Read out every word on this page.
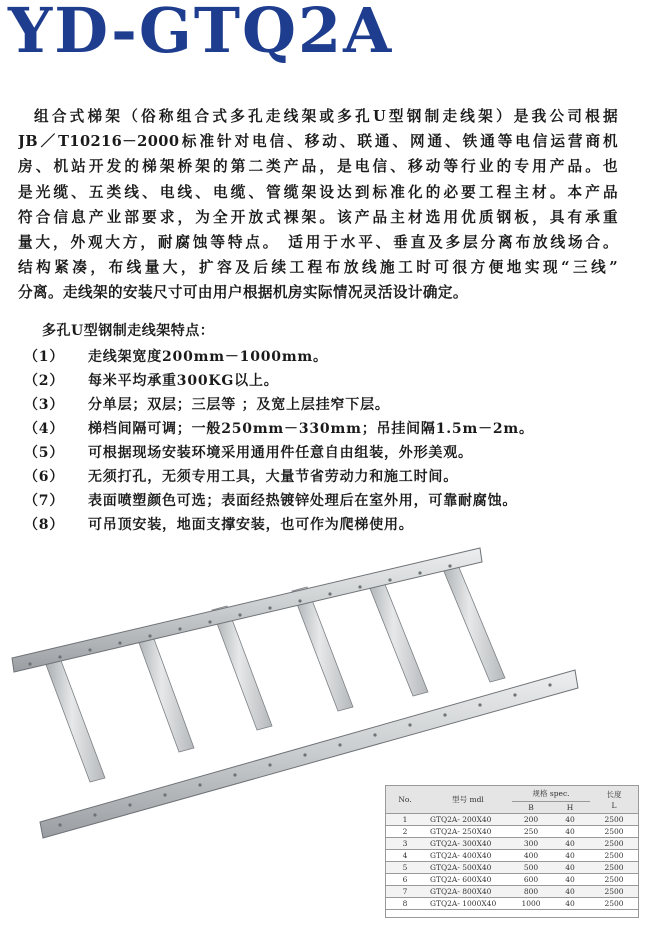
YD-GTQ2A
组合式梯架（俗称组合式多孔走线架或多孔U型钢制走线架）是我公司根据
JB／T10216－2000标准针对电信、移动、联通、网通、铁通等电信运营商机
房、机站开发的梯架桥架的第二类产品，是电信、移动等行业的专用产品。也
是光缆、五类线、电线、电缆、管缆架设达到标准化的必要工程主材。本产品
符合信息产业部要求，为全开放式裸架。该产品主材选用优质钢板，具有承重
量大，外观大方，耐腐蚀等特点。 适用于水平、垂直及多层分离布放线场合。
结构紧凑，布线量大，扩容及后续工程布放线施工时可很方便地实现“三线”
分离。走线架的安装尺寸可由用户根据机房实际情况灵活设计确定。
多孔U型钢制走线架特点：
（1） 走线架宽度200mm－1000mm。
（2） 每米平均承重300KG以上。
（3） 分单层；双层；三层等 ；及宽上层挂窄下层。
（4） 梯档间隔可调；一般250mm－330mm；吊挂间隔1.5m－2m。
（5） 可根据现场安装环境采用通用件任意自由组装，外形美观。
（6） 无须打孔，无须专用工具，大量节省劳动力和施工时间。
（7） 表面喷塑颜色可选；表面经热镀锌处理后在室外用，可靠耐腐蚀。
（8） 可吊顶安装，地面支撑安装，也可作为爬梯使用。
No.	型号 mdl	规格 spec.		长度
L

		B	H	
1	GTQ2A- 200X40	200	40	2500
2	GTQ2A- 250X40	250	40	2500
3	GTQ2A- 300X40	300	40	2500
4	GTQ2A- 400X40	400	40	2500
5	GTQ2A- 500X40	500	40	2500
6	GTQ2A- 600X40	600	40	2500
7	GTQ2A- 800X40	800	40	2500
8	GTQ2A- 1000X40	1000	40	2500
